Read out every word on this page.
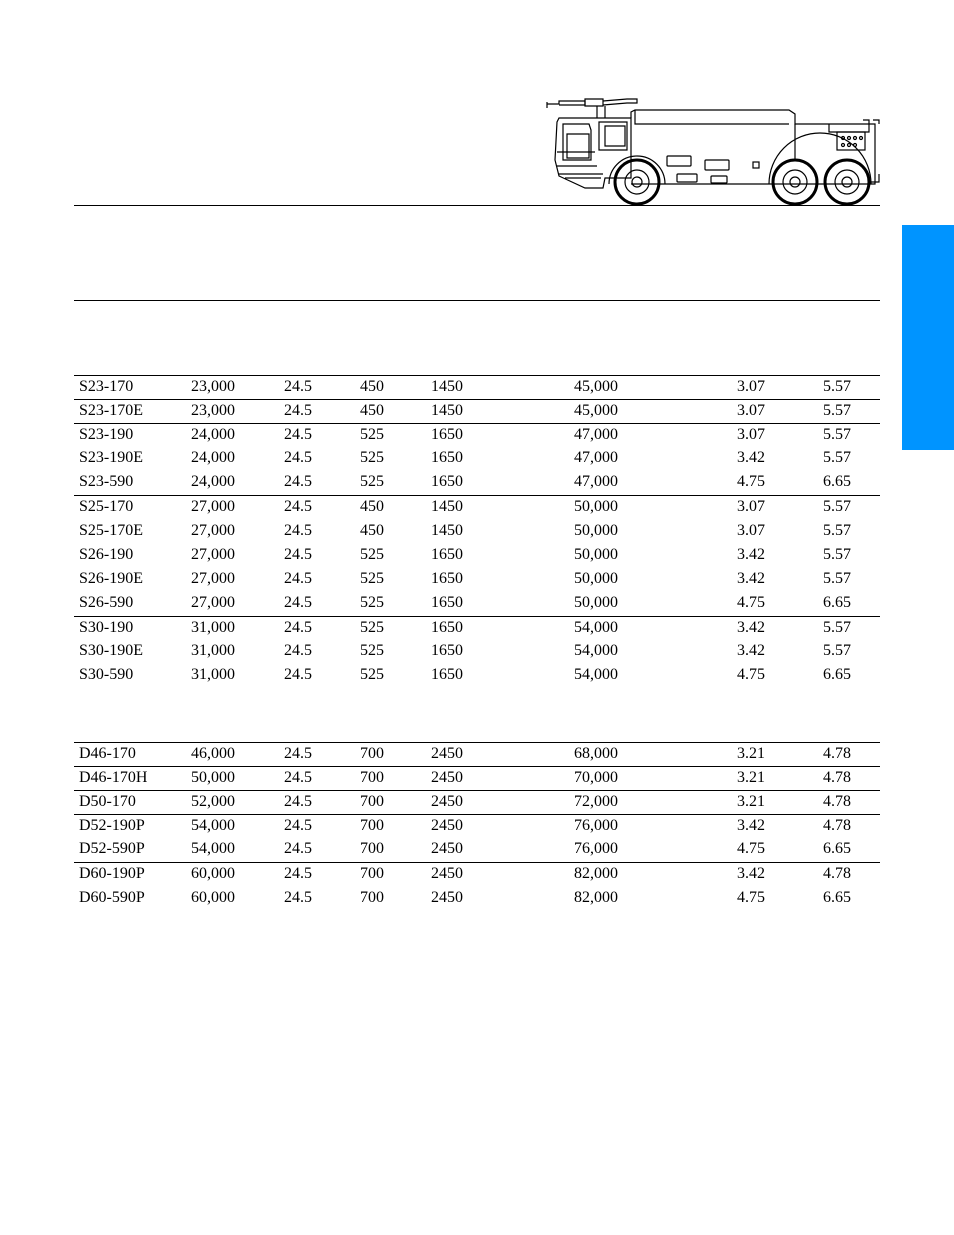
S23-170	23,000	24.5	450	1450	45,000	3.07	5.57
S23-170E	23,000	24.5	450	1450	45,000	3.07	5.57
S23-190	24,000	24.5	525	1650	47,000	3.07	5.57
S23-190E	24,000	24.5	525	1650	47,000	3.42	5.57
S23-590	24,000	24.5	525	1650	47,000	4.75	6.65
S25-170	27,000	24.5	450	1450	50,000	3.07	5.57
S25-170E	27,000	24.5	450	1450	50,000	3.07	5.57
S26-190	27,000	24.5	525	1650	50,000	3.42	5.57
S26-190E	27,000	24.5	525	1650	50,000	3.42	5.57
S26-590	27,000	24.5	525	1650	50,000	4.75	6.65
S30-190	31,000	24.5	525	1650	54,000	3.42	5.57
S30-190E	31,000	24.5	525	1650	54,000	3.42	5.57
S30-590	31,000	24.5	525	1650	54,000	4.75	6.65
D46-170	46,000	24.5	700	2450	68,000	3.21	4.78
D46-170H	50,000	24.5	700	2450	70,000	3.21	4.78
D50-170	52,000	24.5	700	2450	72,000	3.21	4.78
D52-190P	54,000	24.5	700	2450	76,000	3.42	4.78
D52-590P	54,000	24.5	700	2450	76,000	4.75	6.65
D60-190P	60,000	24.5	700	2450	82,000	3.42	4.78
D60-590P	60,000	24.5	700	2450	82,000	4.75	6.65
